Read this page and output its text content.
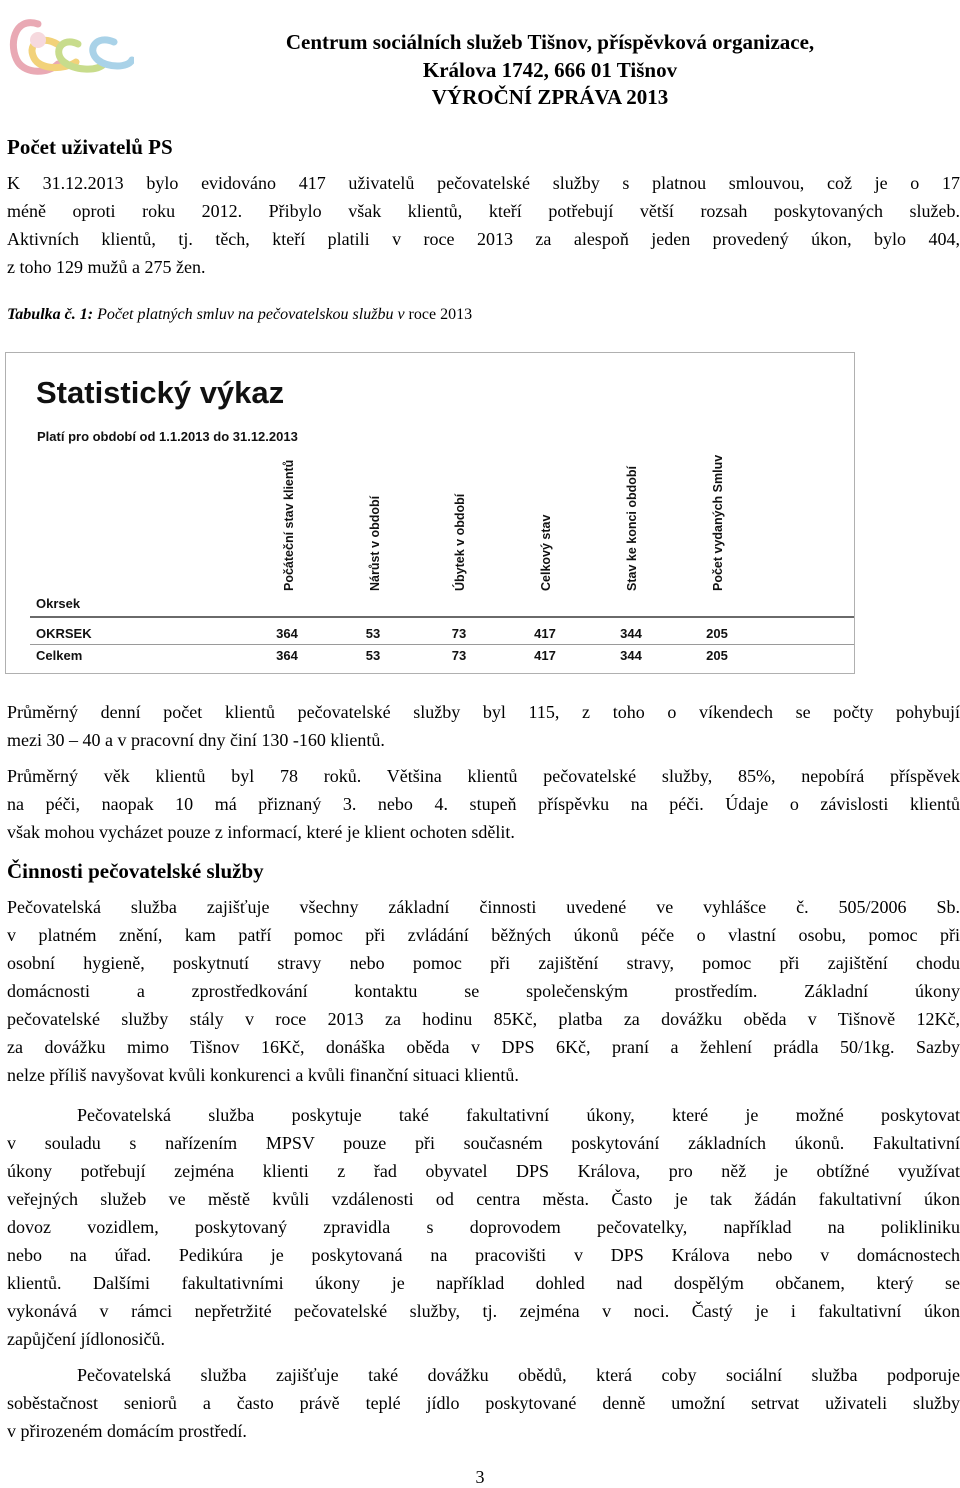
Centrum sociálních služeb Tišnov, příspěvková organizace,
Králova 1742, 666 01 Tišnov
VÝROČNÍ ZPRÁVA 2013
Počet uživatelů PS
K 31.12.2013 bylo evidováno 417 uživatelů pečovatelské služby s platnou smlouvou, což je o 17
méně oproti roku 2012. Přibylo však klientů, kteří potřebují větší rozsah poskytovaných služeb.
Aktivních klientů, tj. těch, kteří platili v roce 2013 za alespoň jeden provedený úkon, bylo 404,
z toho 129 mužů a 275 žen.
Tabulka č. 1: Počet platných smluv na pečovatelskou službu v roce 2013
Statistický výkaz
Platí pro období od 1.1.2013 do 31.12.2013
Počáteční stav klientů	Nárůst v období	Úbytek v období	Celkový stav	Stav ke konci období	Počet vydaných Smluv
Okrsek
OKRSEK	364	53	73	417	344	205
Celkem	364	53	73	417	344	205
Průměrný denní počet klientů pečovatelské služby byl 115, z toho o víkendech se počty pohybují
mezi 30 – 40 a v pracovní dny činí 130 -160 klientů.
Průměrný věk klientů byl 78 roků. Většina klientů pečovatelské služby, 85%, nepobírá příspěvek
na péči, naopak 10 má přiznaný 3. nebo 4. stupeň příspěvku na péči. Údaje o závislosti klientů
však mohou vycházet pouze z informací, které je klient ochoten sdělit.
Činnosti pečovatelské služby
Pečovatelská služba zajišťuje všechny základní činnosti uvedené ve vyhlášce č. 505/2006 Sb.
v platném znění, kam patří pomoc při zvládání běžných úkonů péče o vlastní osobu, pomoc při
osobní hygieně, poskytnutí stravy nebo pomoc při zajištění stravy, pomoc při zajištění chodu
domácnosti a zprostředkování kontaktu se společenským prostředím. Základní úkony
pečovatelské služby stály v roce 2013 za hodinu 85Kč, platba za dovážku oběda v Tišnově 12Kč,
za dovážku mimo Tišnov 16Kč, donáška oběda v DPS 6Kč, praní a žehlení prádla 50/1kg. Sazby
nelze příliš navyšovat kvůli konkurenci a kvůli finanční situaci klientů.
Pečovatelská služba poskytuje také fakultativní úkony, které je možné poskytovat
v souladu s nařízením MPSV pouze při současném poskytování základních úkonů. Fakultativní
úkony potřebují zejména klienti z řad obyvatel DPS Králova, pro něž je obtížné využívat
veřejných služeb ve městě kvůli vzdálenosti od centra města. Často je tak žádán fakultativní úkon
dovoz vozidlem, poskytovaný zpravidla s doprovodem pečovatelky, například na polikliniku
nebo na úřad. Pedikúra je poskytovaná na pracovišti v DPS Králova nebo v domácnostech
klientů. Dalšími fakultativními úkony je například dohled nad dospělým občanem, který se
vykonává v rámci nepřetržité pečovatelské služby, tj. zejména v noci. Častý je i fakultativní úkon
zapůjčení jídlonosičů.
Pečovatelská služba zajišťuje také dovážku obědů, která coby sociální služba podporuje
soběstačnost seniorů a často právě teplé jídlo poskytované denně umožní setrvat uživateli služby
v přirozeném domácím prostředí.
3
